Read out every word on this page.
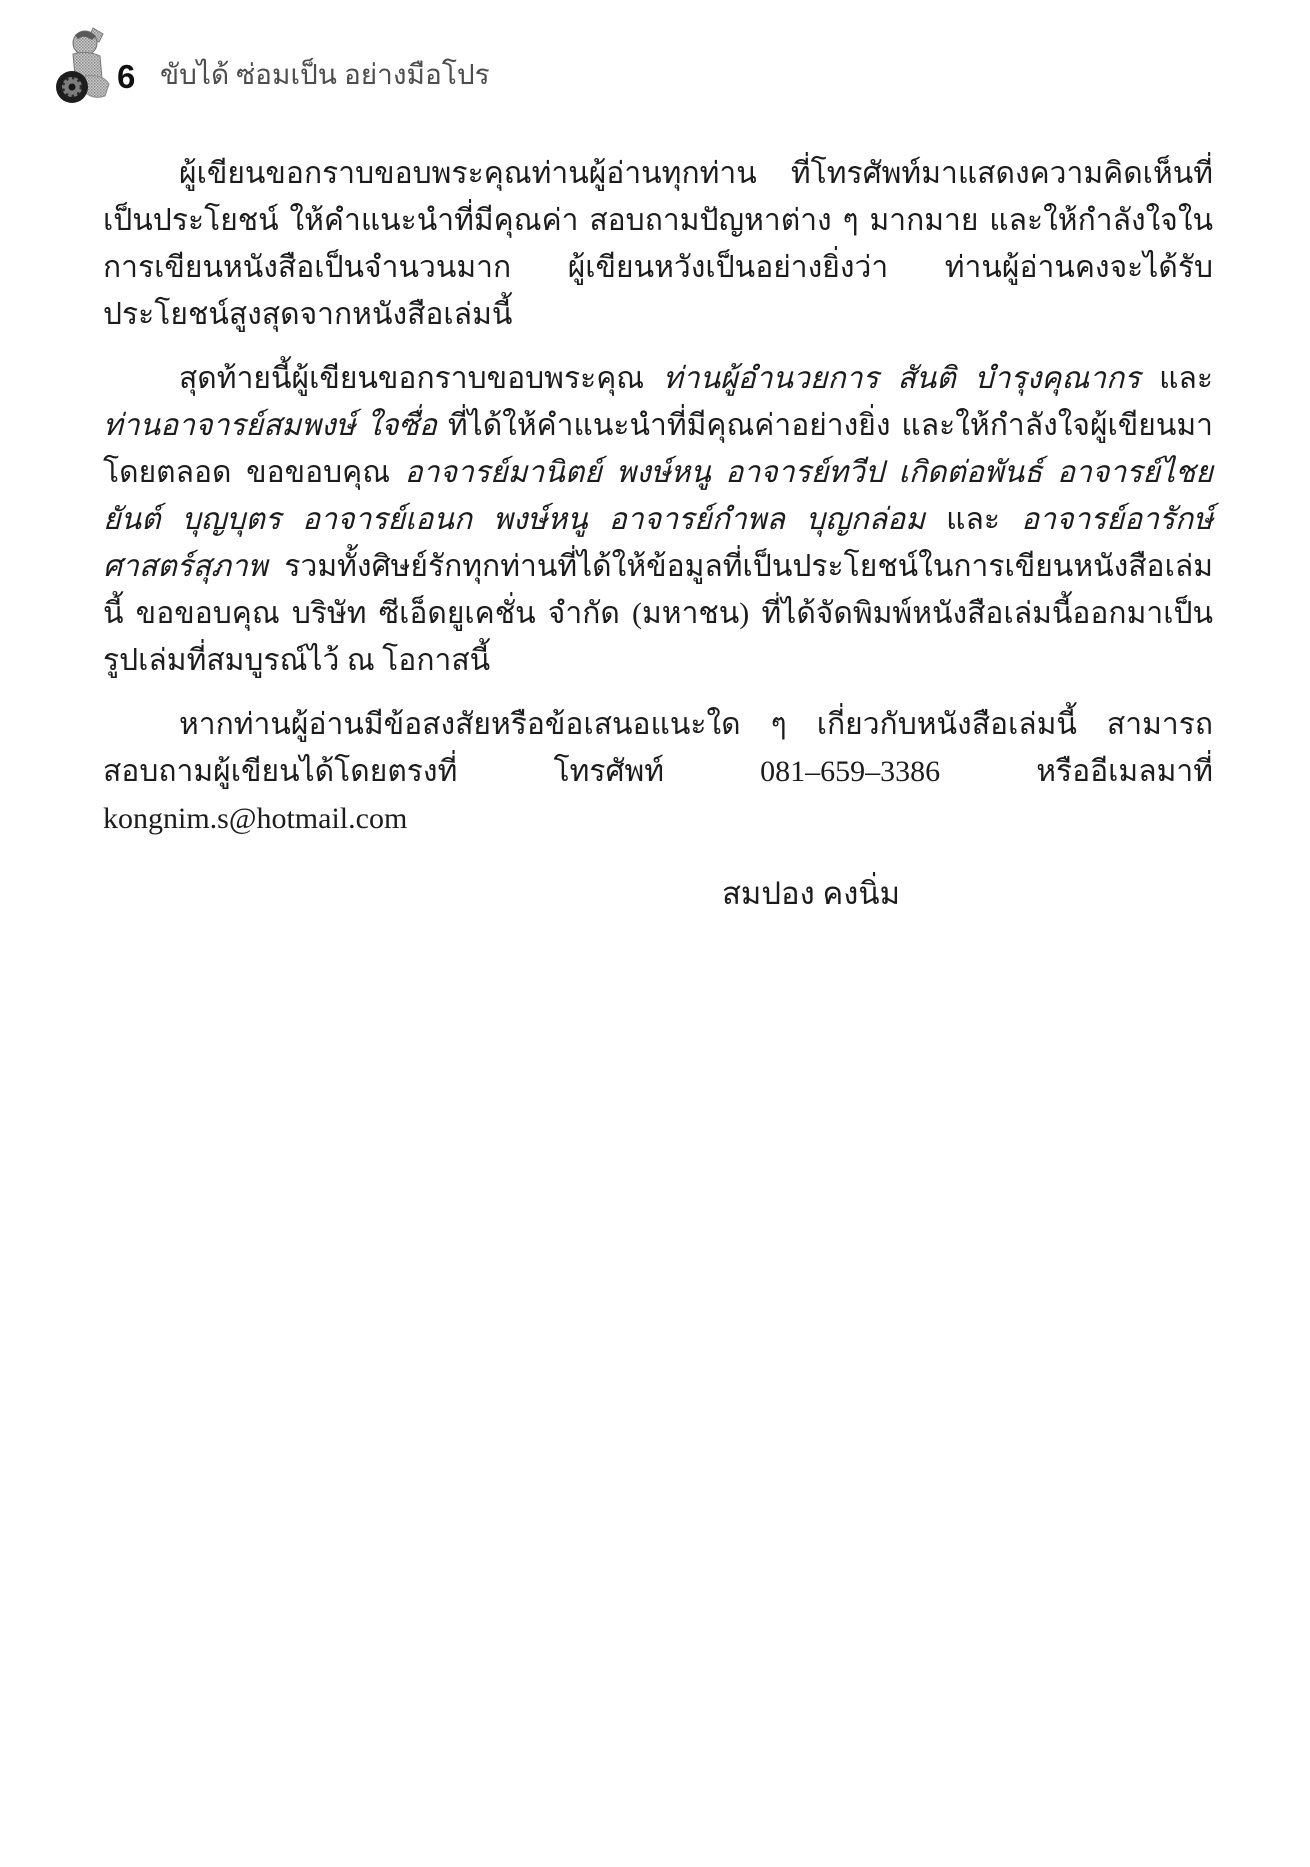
6 ขับได้ ซ่อมเป็น อย่างมือโปร

ผู้เขียนขอกราบขอบพระคุณท่านผู้อ่านทุกท่าน ที่โทรศัพท์มาแสดงความคิดเห็นที่เป็นประโยชน์ ให้คำแนะนำที่มีคุณค่า สอบถามปัญหาต่าง ๆ มากมาย และให้กำลังใจในการเขียนหนังสือเป็นจำนวนมาก ผู้เขียนหวังเป็นอย่างยิ่งว่า ท่านผู้อ่านคงจะได้รับประโยชน์สูงสุดจากหนังสือเล่มนี้

สุดท้ายนี้ผู้เขียนขอกราบขอบพระคุณ ท่านผู้อำนวยการ สันติ บำรุงคุณากร และ ท่านอาจารย์สมพงษ์ ใจซื่อ ที่ได้ให้คำแนะนำที่มีคุณค่าอย่างยิ่ง และให้กำลังใจผู้เขียนมาโดยตลอด ขอขอบคุณ อาจารย์มานิตย์ พงษ์หนู อาจารย์ทวีป เกิดต่อพันธ์ อาจารย์ไชยยันต์ บุญบุตร อาจารย์เอนก พงษ์หนู อาจารย์กำพล บุญกล่อม และ อาจารย์อารักษ์ ศาสตร์สุภาพ รวมทั้งศิษย์รักทุกท่านที่ได้ให้ข้อมูลที่เป็นประโยชน์ในการเขียนหนังสือเล่มนี้ ขอขอบคุณ บริษัท ซีเอ็ดยูเคชั่น จำกัด (มหาชน) ที่ได้จัดพิมพ์หนังสือเล่มนี้ออกมาเป็นรูปเล่มที่สมบูรณ์ไว้ ณ โอกาสนี้

หากท่านผู้อ่านมีข้อสงสัยหรือข้อเสนอแนะใด ๆ เกี่ยวกับหนังสือเล่มนี้ สามารถสอบถามผู้เขียนได้โดยตรงที่ โทรศัพท์ 081–659–3386 หรืออีเมลมาที่ kongnim.s@hotmail.com

สมปอง คงนิ่ม
